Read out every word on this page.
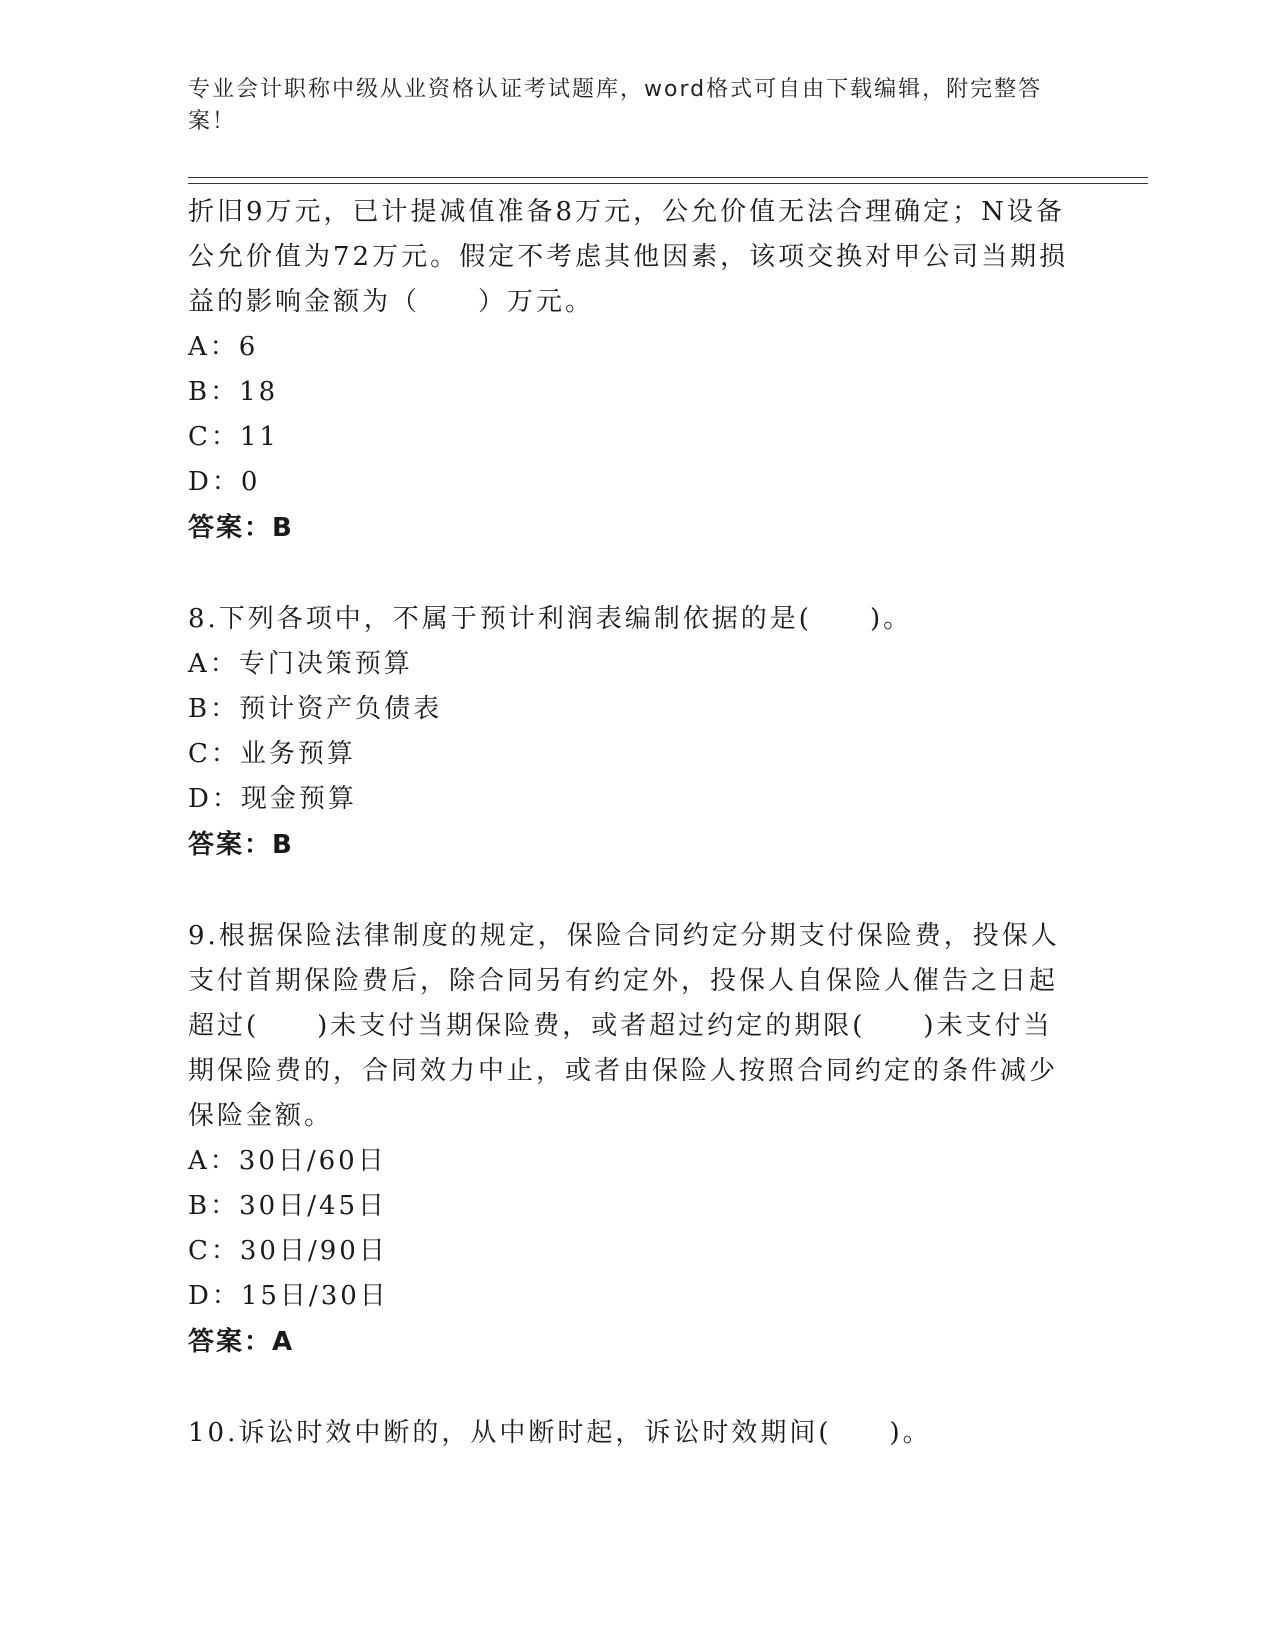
专业会计职称中级从业资格认证考试题库，word格式可自由下载编辑，附完整答案！

折旧9万元，已计提减值准备8万元，公允价值无法合理确定；N设备

公允价值为72万元。假定不考虑其他因素，该项交换对甲公司当期损

益的影响金额为（　　）万元。

A：6

B：18

C：11

D：0

答案：B

8.下列各项中，不属于预计利润表编制依据的是(　　)。

A：专门决策预算

B：预计资产负债表

C：业务预算

D：现金预算

答案：B

9.根据保险法律制度的规定，保险合同约定分期支付保险费，投保人

支付首期保险费后，除合同另有约定外，投保人自保险人催告之日起

超过(　　)未支付当期保险费，或者超过约定的期限(　　)未支付当

期保险费的，合同效力中止，或者由保险人按照合同约定的条件减少

保险金额。

A：30日/60日

B：30日/45日

C：30日/90日

D：15日/30日

答案：A

10.诉讼时效中断的，从中断时起，诉讼时效期间(　　)。
